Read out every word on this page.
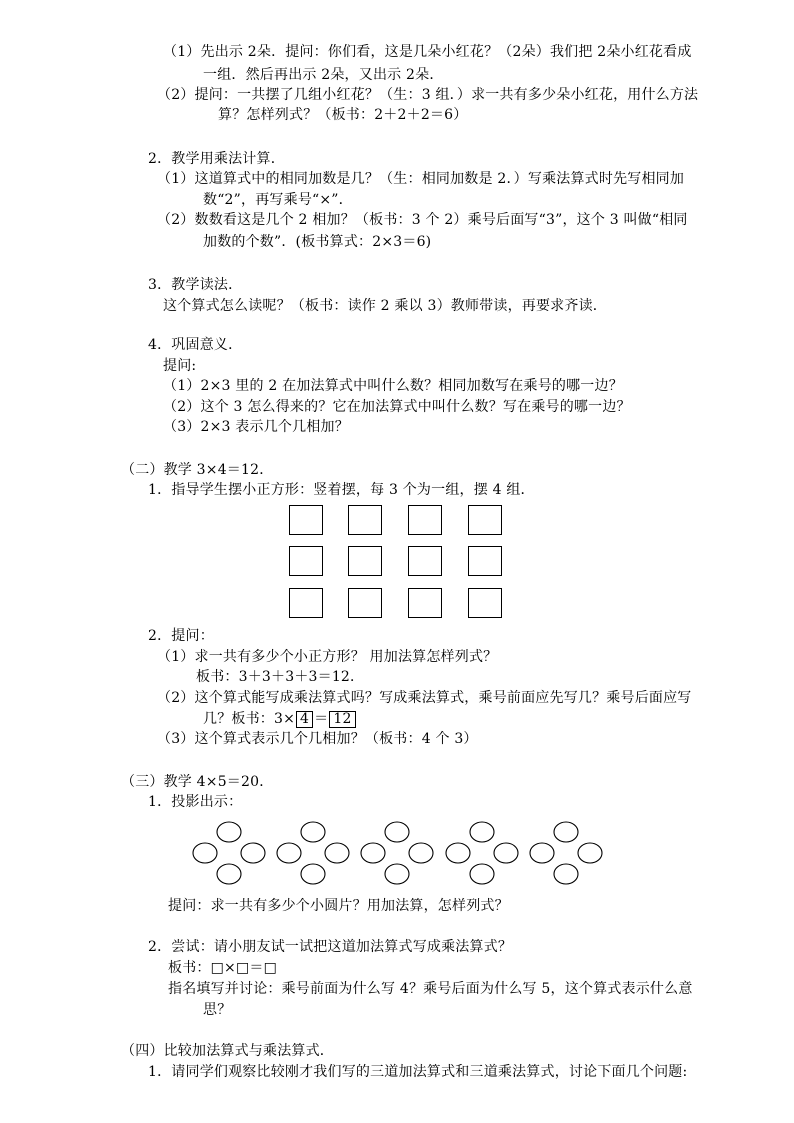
（1）先出示 2朵．提问：你们看，这是几朵小红花？（2朵）我们把 2朵小红花看成
一组．然后再出示 2朵，又出示 2朵．
（2）提问：一共摆了几组小红花？（生：3 组．）求一共有多少朵小红花，用什么方法
算？怎样列式？（板书：2＋2＋2＝6）
2．教学用乘法计算．
（1）这道算式中的相同加数是几？（生：相同加数是 2．）写乘法算式时先写相同加
数“2”，再写乘号“×”．
（2）数数看这是几个 2 相加？（板书：3 个 2）乘号后面写“3”，这个 3 叫做“相同
加数的个数”．(板书算式：2×3＝6)
3．教学读法．
这个算式怎么读呢？（板书：读作 2 乘以 3）教师带读，再要求齐读．
4．巩固意义．
提问:
（1）2×3 里的 2 在加法算式中叫什么数？相同加数写在乘号的哪一边？
（2）这个 3 怎么得来的？它在加法算式中叫什么数？写在乘号的哪一边？
（3）2×3 表示几个几相加？
（二）教学 3×4＝12．
1．指导学生摆小正方形：竖着摆，每 3 个为一组，摆 4 组．
2．提问：
（1）求一共有多少个小正方形？ 用加法算怎样列式？
板书：3＋3＋3＋3＝12．
（2）这个算式能写成乘法算式吗？写成乘法算式，乘号前面应先写几？乘号后面应写
几？板书：3× 4 ＝ 12
（3）这个算式表示几个几相加？（板书：4 个 3）
（三）教学 4×5＝20．
1．投影出示：
提问：求一共有多少个小圆片？用加法算，怎样列式？
2．尝试：请小朋友试一试把这道加法算式写成乘法算式？
板书：□×□＝□
指名填写并讨论：乘号前面为什么写 4？乘号后面为什么写 5，这个算式表示什么意
思？
（四）比较加法算式与乘法算式．
1．请同学们观察比较刚才我们写的三道加法算式和三道乘法算式，讨论下面几个问题:
